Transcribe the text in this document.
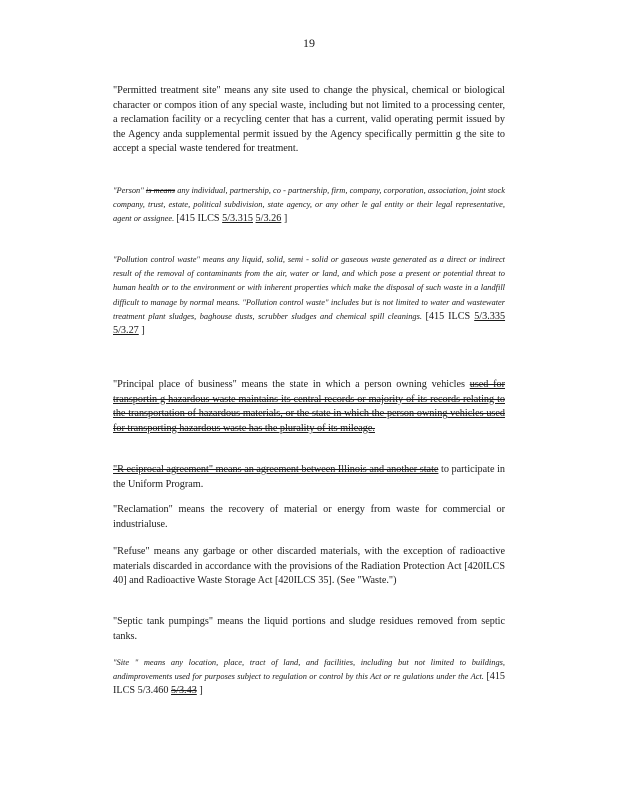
19

"Permitted treatment site" means any site used to change the physical, chemical or biological character or compos ition of any special waste, including but not limited to a processing center, a reclamation facility or a recycling center that has a current, valid operating permit issued by the Agency anda supplemental permit issued by the Agency specifically permittin g the site to accept a special waste tendered for treatment.

"Person" is means any individual, partnership, co - partnership, firm, company, corporation, association, joint stock company, trust, estate, political subdivision, state agency, or any other le gal entity or their legal representative, agent or assignee. [415 ILCS 5/3.315 5/3.26 ]

"Pollution control waste" means any liquid, solid, semi - solid or gaseous waste generated as a direct or indirect result of the removal of contaminants from the air, water or land, and which pose a present or potential threat to human health or to the environment or with inherent properties which make the disposal of such waste in a landfill difficult to manage by normal means. "Pollution control waste" includes but is not limited to water and wastewater treatment plant sludges, baghouse dusts, scrubber sludges and chemical spill cleanings. [415 ILCS 5/3.335 5/3.27 ]

"Principal place of business" means the state in which a person owning vehicles used for transportin g hazardous waste maintains its central records or majority of its records relating to the transportation of hazardous materials, or the state in which the person owning vehicles used for transporting hazardous waste has the plurality of its mileage.

"R eciprocal agreement" means an agreement between Illinois and another state to participate in the Uniform Program.

"Reclamation" means the recovery of material or energy from waste for commercial or industrialuse.

"Refuse" means any garbage or other discarded materials, with the exception of radioactive materials discarded in accordance with the provisions of the Radiation Protection Act [420ILCS 40] and Radioactive Waste Storage Act [420ILCS 35]. (See "Waste.")

"Septic tank pumpings" means the liquid portions and sludge residues removed from septic tanks.

"Site " means any location, place, tract of land, and facilities, including but not limited to buildings, andimprovements used for purposes subject to regulation or control by this Act or re gulations under the Act. [415 ILCS 5/3.460 5/3.43 ]
